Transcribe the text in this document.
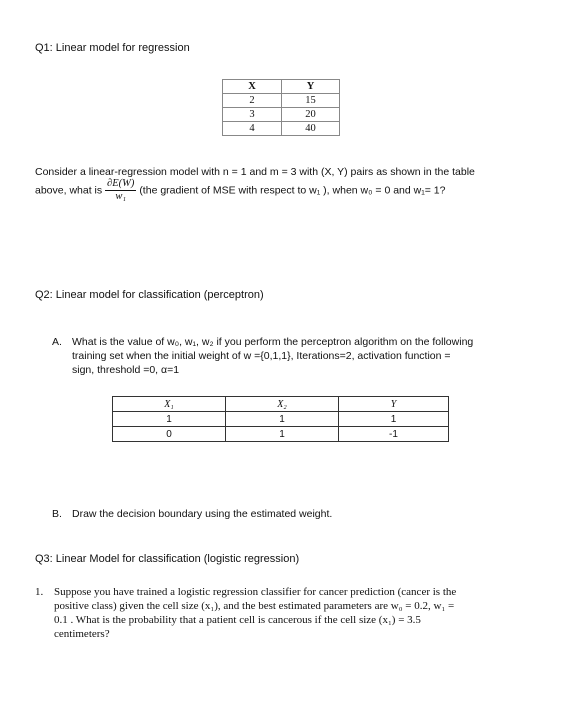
Q1: Linear model for regression
X	Y
2	15
3	20
4	40
Consider a linear-regression model with n = 1 and m = 3 with (X, Y) pairs as shown in the table
above, what is $\frac{\partial E(W)}{\text{w₁}} (the$ gradient of MSE with respect to w₁ ), when w₀ = 0 and w₁= 1?
Q2: Linear model for classification (perceptron)
A. What is the value of w₀, w₁, w₂ if you perform the perceptron algorithm on the following
training set when the initial weight of w ={0,1,1}, Iterations=2, activation function =
sign, threshold =0, α=1
X₁	X₂	Y
1	1	1
0	1	-1
B. Draw the decision boundary using the estimated weight.
Q3: Linear Model for classification (logistic regression)
1. Suppose you have trained a logistic regression classifier for cancer prediction (cancer is the
positive class) given the cell size (x₁), and the best estimated parameters are w₀ = 0.2, w₁ =
0.1 . What is the probability that a patient cell is cancerous if the cell size (x₁) = 3.5
centimeters?
